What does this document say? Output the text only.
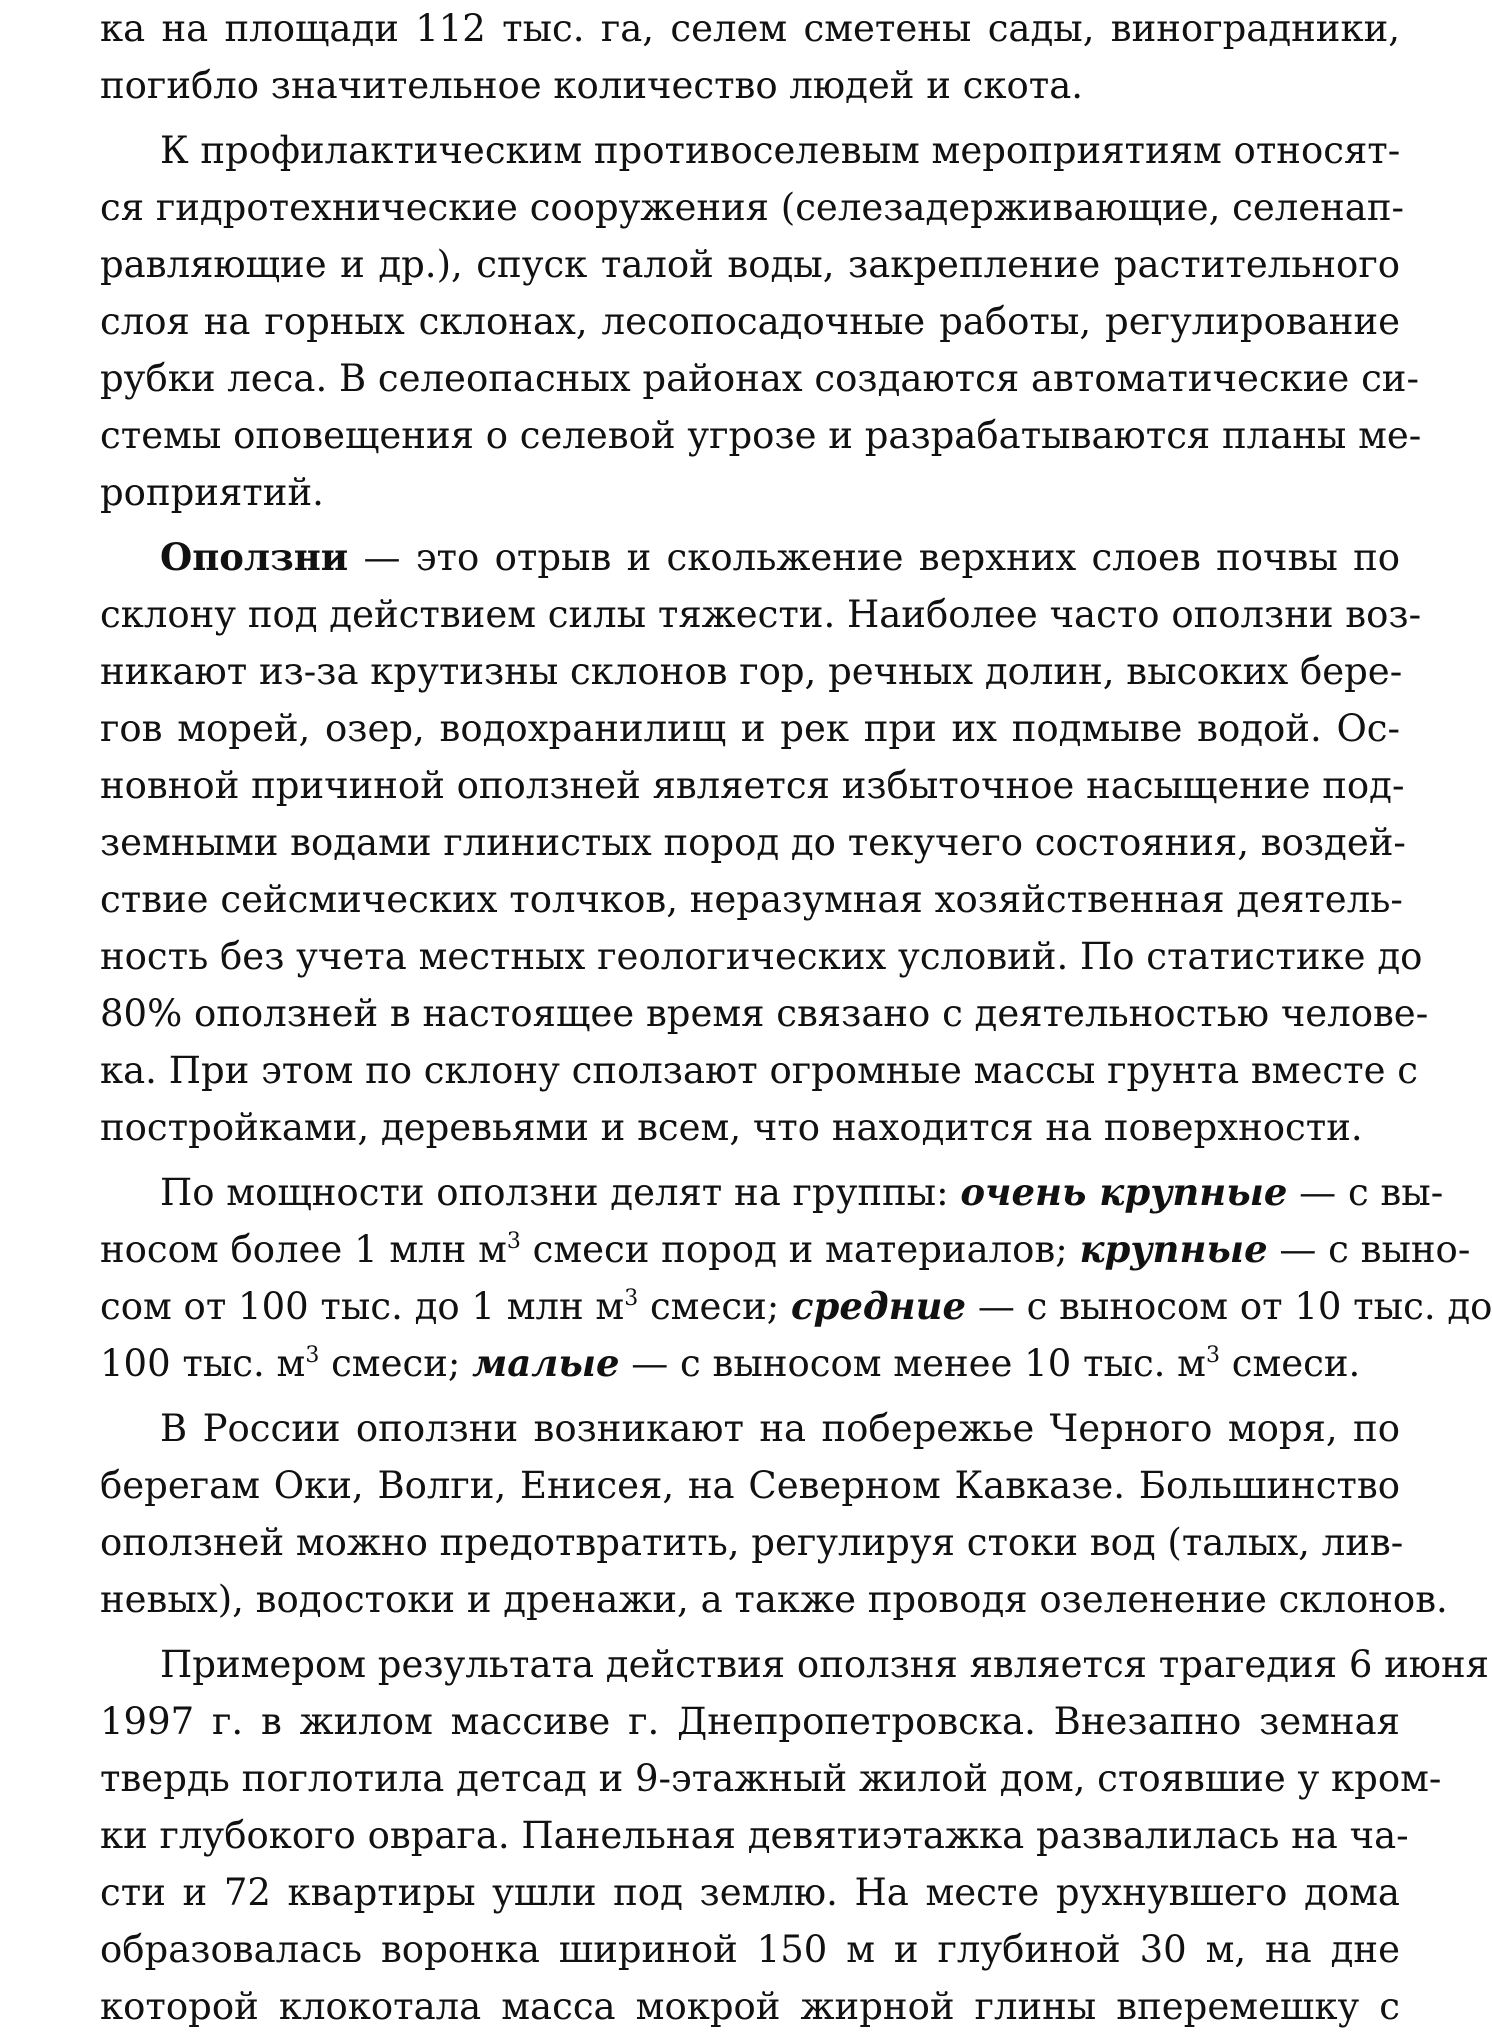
ка на площади 112 тыс. га, селем сметены сады, виноградники,
погибло значительное количество людей и скота.
К профилактическим противоселевым мероприятиям относят-
ся гидротехнические сооружения (селезадерживающие, селенап-
равляющие и др.), спуск талой воды, закрепление растительного
слоя на горных склонах, лесопосадочные работы, регулирование
рубки леса. В селеопасных районах создаются автоматические си-
стемы оповещения о селевой угрозе и разрабатываются планы ме-
роприятий.
Оползни — это отрыв и скольжение верхних слоев почвы по
склону под действием силы тяжести. Наиболее часто оползни воз-
никают из-за крутизны склонов гор, речных долин, высоких бере-
гов морей, озер, водохранилищ и рек при их подмыве водой. Ос-
новной причиной оползней является избыточное насыщение под-
земными водами глинистых пород до текучего состояния, воздей-
ствие сейсмических толчков, неразумная хозяйственная деятель-
ность без учета местных геологических условий. По статистике до
80% оползней в настоящее время связано с деятельностью челове-
ка. При этом по склону сползают огромные массы грунта вместе с
постройками, деревьями и всем, что находится на поверхности.
По мощности оползни делят на группы: очень крупные — с вы-
носом более 1 млн $м^3$ смеси пород и материалов; крупные — с выно-
сом от 100 тыс. до 1 млн $м^3$ смеси; средние — с выносом от 10 тыс. до
100 тыс. $м^3$ смеси; малые — с выносом менее 10 тыс. $м^3$ смеси.
В России оползни возникают на побережье Черного моря, по
берегам Оки, Волги, Енисея, на Северном Кавказе. Большинство
оползней можно предотвратить, регулируя стоки вод (талых, лив-
невых), водостоки и дренажи, а также проводя озеленение склонов.
Примером результата действия оползня является трагедия 6 июня
1997 г. в жилом массиве г. Днепропетровска. Внезапно земная
твердь поглотила детсад и 9-этажный жилой дом, стоявшие у кром-
ки глубокого оврага. Панельная девятиэтажка развалилась на ча-
сти и 72 квартиры ушли под землю. На месте рухнувшего дома
образовалась воронка шириной 150 м и глубиной 30 м, на дне
которой клокотала масса мокрой жирной глины вперемешку с
